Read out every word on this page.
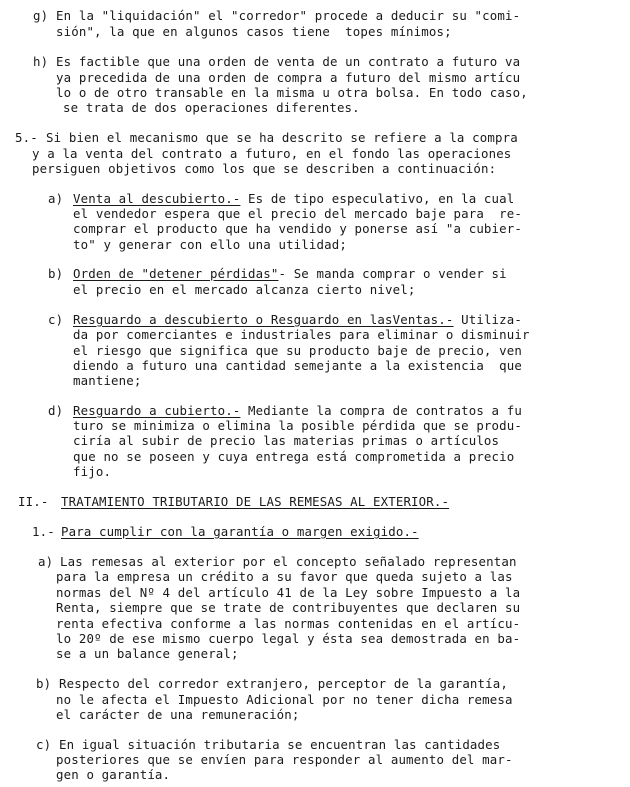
g) En la "liquidación" el "corredor" procede a deducir su "comi-
sión", la que en algunos casos tiene  topes mínimos;
h) Es factible que una orden de venta de un contrato a futuro va
ya precedida de una orden de compra a futuro del mismo artícu
lo o de otro transable en la misma u otra bolsa. En todo caso,
se trata de dos operaciones diferentes.
5.- Si bien el mecanismo que se ha descrito se refiere a la compra
y a la venta del contrato a futuro, en el fondo las operaciones
persiguen objetivos como los que se describen a continuación:
a) Venta al descubierto.- Es de tipo especulativo, en la cual
el vendedor espera que el precio del mercado baje para  re-
comprar el producto que ha vendido y ponerse así "a cubier-
to" y generar con ello una utilidad;
b) Orden de "detener pérdidas"- Se manda comprar o vender si
el precio en el mercado alcanza cierto nivel;
c) Resguardo a descubierto o Resguardo en lasVentas.- Utiliza-
da por comerciantes e industriales para eliminar o disminuir
el riesgo que significa que su producto baje de precio, ven
diendo a futuro una cantidad semejante a la existencia  que
mantiene;
d) Resguardo a cubierto.- Mediante la compra de contratos a fu
turo se minimiza o elimina la posible pérdida que se produ-
ciría al subir de precio las materias primas o artículos
que no se poseen y cuya entrega está comprometida a precio
fijo.
II.- TRATAMIENTO TRIBUTARIO DE LAS REMESAS AL EXTERIOR.-
1.- Para cumplir con la garantía o margen exigido.-
a) Las remesas al exterior por el concepto señalado representan
para la empresa un crédito a su favor que queda sujeto a las
normas del Nº 4 del artículo 41 de la Ley sobre Impuesto a la
Renta, siempre que se trate de contribuyentes que declaren su
renta efectiva conforme a las normas contenidas en el artícu-
lo 20º de ese mismo cuerpo legal y ésta sea demostrada en ba-
se a un balance general;
b) Respecto del corredor extranjero, perceptor de la garantía,
no le afecta el Impuesto Adicional por no tener dicha remesa
el carácter de una remuneración;
c) En igual situación tributaria se encuentran las cantidades
posteriores que se envíen para responder al aumento del mar-
gen o garantía.
